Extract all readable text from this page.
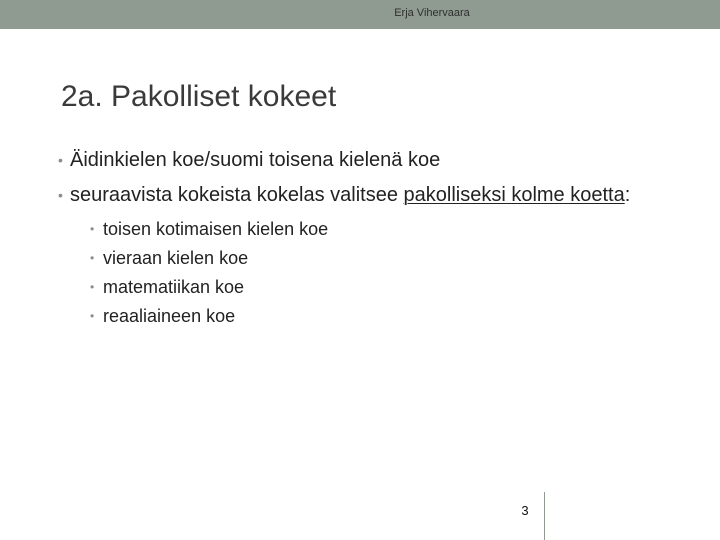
Erja Vihervaara
2a. Pakolliset kokeet
• Äidinkielen koe/suomi toisena kielenä koe
• seuraavista kokeista kokelas valitsee pakolliseksi kolme koetta:
• toisen kotimaisen kielen koe
• vieraan kielen koe
• matematiikan koe
• reaaliaineen koe
3
